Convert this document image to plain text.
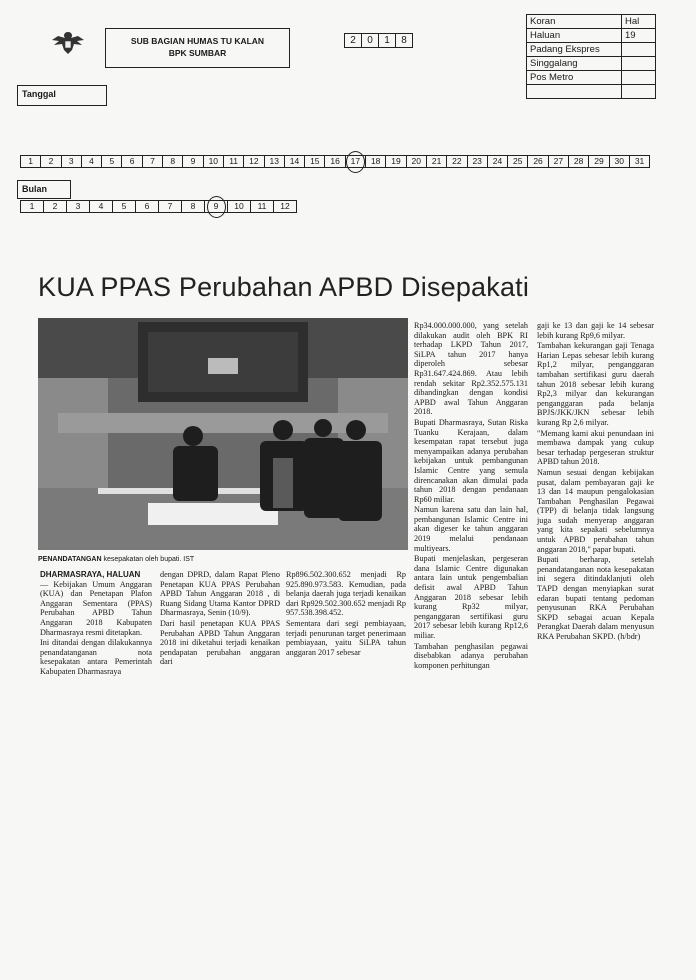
SUB BAGIAN HUMAS TU KALAN
BPK SUMBAR
2	0	1	8
Koran	Hal
Haluan	19
Padang Ekspres	
Singgalang	
Pos Metro	

Tanggal
1	2	3	4	5	6	7	8	9	10	11	12	13	14	15	16	17	18	19	20	21	22	23	24	25	26	27	28	29	30	31
Bulan
1	2	3	4	5	6	7	8	9	10	11	12
KUA PPAS Perubahan APBD Disepakati
PENANDATANGAN kesepakatan oleh bupati. IST
DHARMASRAYA, HALUAN

— Kebijakan Umum Anggaran (KUA) dan Penetapan Plafon Anggaran Sementara (PPAS) Perubahan APBD Tahun Anggaran 2018 Kabupaten Dharmasraya resmi ditetapkan.

Ini ditandai dengan dilakukannya penandatanganan nota kesepakatan antara Pemerintah Kabupaten Dharmasraya

dengan DPRD, dalam Rapat Pleno Penetapan KUA PPAS Perubahan APBD Tahun Anggaran 2018 , di Ruang Sidang Utama Kantor DPRD Dharmasraya, Senin (10/9).

Dari hasil penetapan KUA PPAS Perubahan APBD Tahun Anggaran 2018 ini diketahui terjadi kenaikan pendapatan perubahan anggaran dari

Rp896.502.300.652 menjadi Rp 925.890.973.583. Kemudian, pada belanja daerah juga terjadi kenaikan dari Rp929.502.300.652 menjadi Rp 957.538.398.452.

Sementara dari segi pembiayaan, terjadi penurunan target penerimaan pembiayaan, yaitu SiLPA tahun anggaran 2017 sebesar

Rp34.000.000.000, yang setelah dilakukan audit oleh BPK RI terhadap LKPD Tahun 2017, SiLPA tahun 2017 hanya diperoleh sebesar Rp31.647.424.869. Atau lebih rendah sekitar Rp2.352.575.131 dibandingkan dengan kondisi APBD awal Tahun Anggaran 2018.

Bupati Dharmasraya, Sutan Riska Tuanku Kerajaan, dalam kesempatan rapat tersebut juga menyampaikan adanya perubahan kebijakan untuk pembangunan Islamic Centre yang semula direncanakan akan dimulai pada tahun 2018 dengan pendanaan Rp60 miliar.

Namun karena satu dan lain hal, pembangunan Islamic Centre ini akan digeser ke tahun anggaran 2019 melalui pendanaan multiyears.

Bupati menjelaskan, pergeseran dana Islamic Centre digunakan antara lain untuk pengembalian defisit awal APBD Tahun Anggaran 2018 sebesar lebih kurang Rp32 milyar, penganggaran sertifikasi guru 2017 sebesar lebih kurang Rp12,6 miliar.

Tambahan penghasilan pegawai disebabkan adanya perubahan komponen perhitungan

gaji ke 13 dan gaji ke 14 sebesar lebih kurang Rp9,6 milyar.

Tambahan kekurangan gaji Tenaga Harian Lepas sebesar lebih kurang Rp1,2 milyar, penganggaran tambahan sertifikasi guru daerah tahun 2018 sebesar lebih kurang Rp2,3 milyar dan kekurangan penganggaran pada belanja BPJS/JKK/JKN sebesar lebih kurang Rp 2,6 milyar.

"Memang kami akui penundaan ini membawa dampak yang cukup besar terhadap pergeseran struktur APBD tahun 2018.

Namun sesuai dengan kebijakan pusat, dalam pembayaran gaji ke 13 dan 14 maupun pengalokasian Tambahan Penghasilan Pegawai (TPP) di belanja tidak langsung juga sudah menyerap anggaran yang kita sepakati sebelumnya untuk APBD perubahan tahun anggaran 2018," papar bupati.

Bupati berharap, setelah penandatanganan nota kesepakatan ini segera ditindaklanjuti oleh TAPD dengan menyiapkan surat edaran bupati tentang pedoman penyusunan RKA Perubahan SKPD sebagai acuan Kepala Perangkat Daerah dalam menyusun RKA Perubahan SKPD. (h/bdr)
